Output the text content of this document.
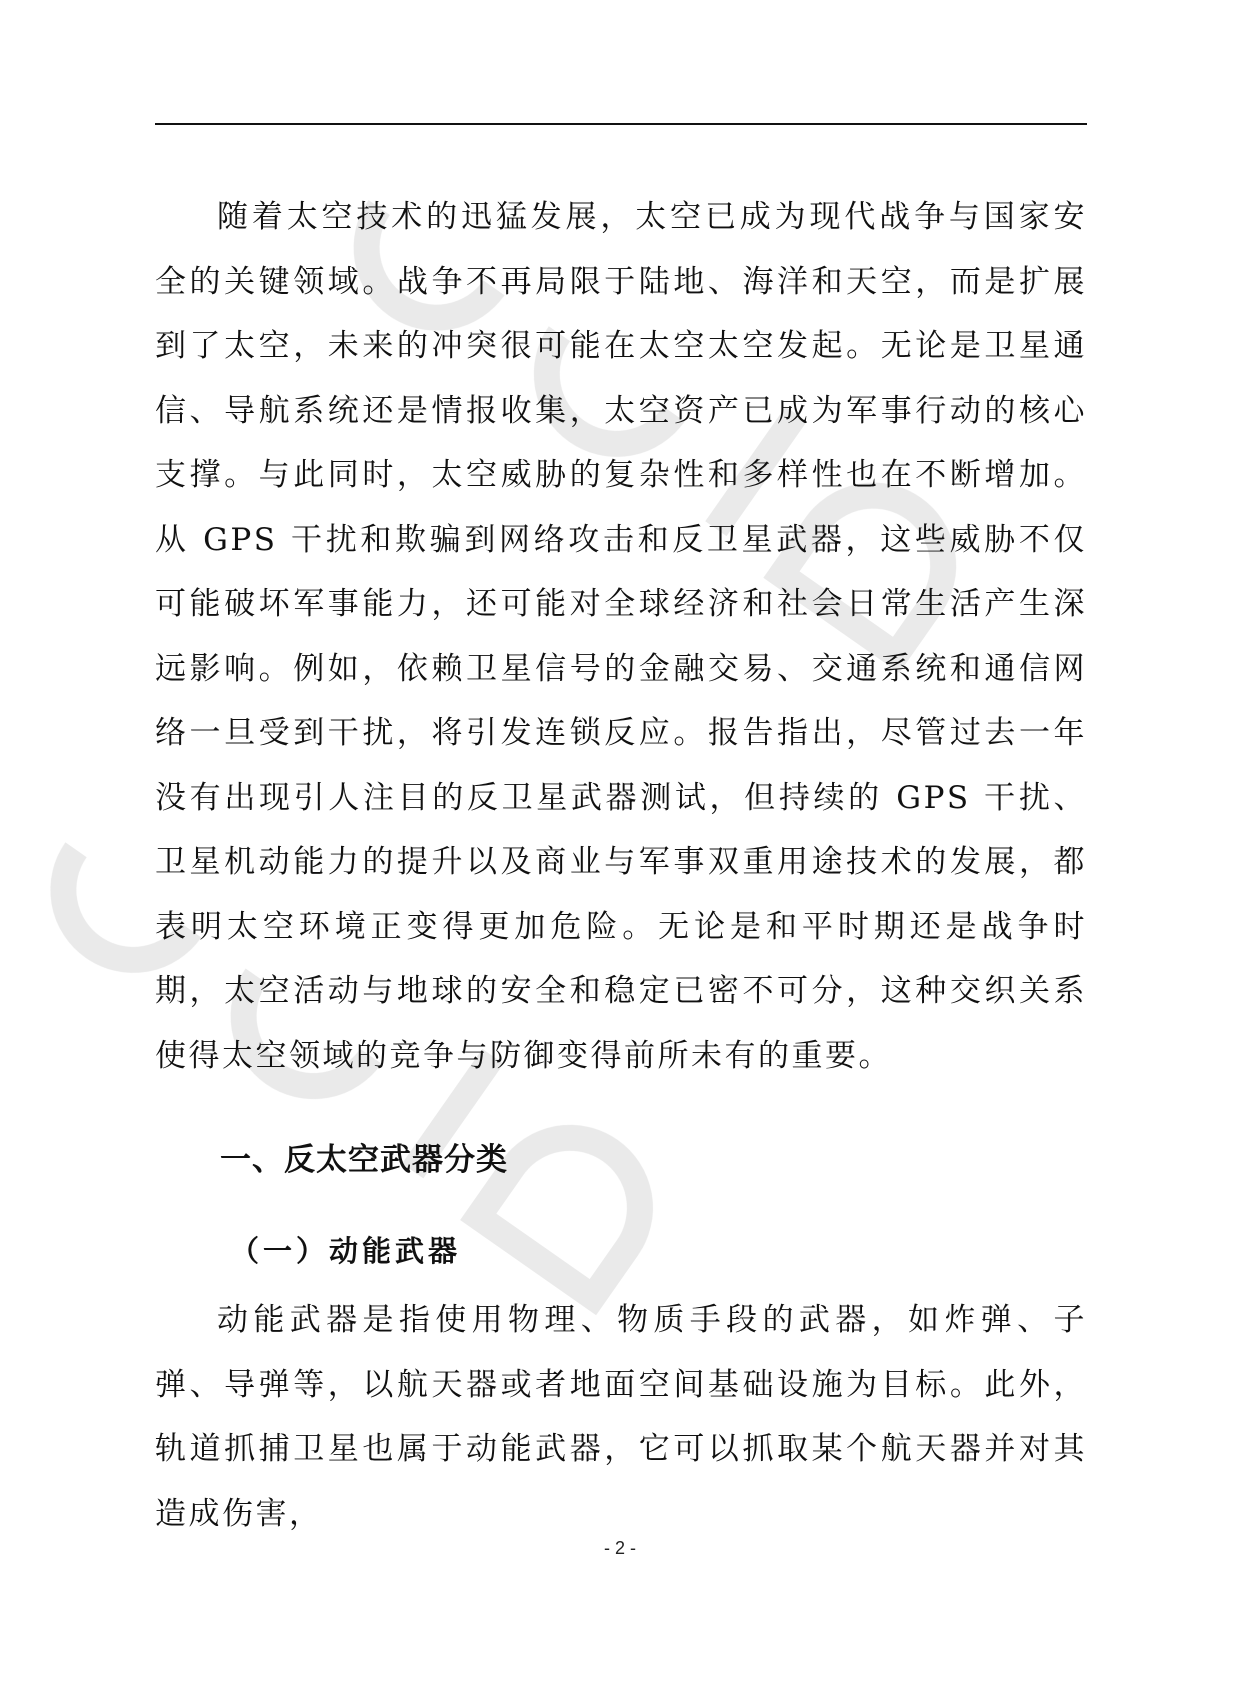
随着太空技术的迅猛发展，太空已成为现代战争与国家安全的关键领域。战争不再局限于陆地、海洋和天空，而是扩展到了太空，未来的冲突很可能在太空太空发起。无论是卫星通信、导航系统还是情报收集，太空资产已成为军事行动的核心支撑。与此同时，太空威胁的复杂性和多样性也在不断增加。从 GPS 干扰和欺骗到网络攻击和反卫星武器，这些威胁不仅可能破坏军事能力，还可能对全球经济和社会日常生活产生深远影响。例如，依赖卫星信号的金融交易、交通系统和通信网络一旦受到干扰，将引发连锁反应。报告指出，尽管过去一年没有出现引人注目的反卫星武器测试，但持续的 GPS 干扰、卫星机动能力的提升以及商业与军事双重用途技术的发展，都表明太空环境正变得更加危险。无论是和平时期还是战争时期，太空活动与地球的安全和稳定已密不可分，这种交织关系使得太空领域的竞争与防御变得前所未有的重要。

一、反太空武器分类
（一）动能武器

动能武器是指使用物理、物质手段的武器，如炸弹、子弹、导弹等，以航天器或者地面空间基础设施为目标。此外，轨道抓捕卫星也属于动能武器，它可以抓取某个航天器并对其造成伤害，

- 2 -
